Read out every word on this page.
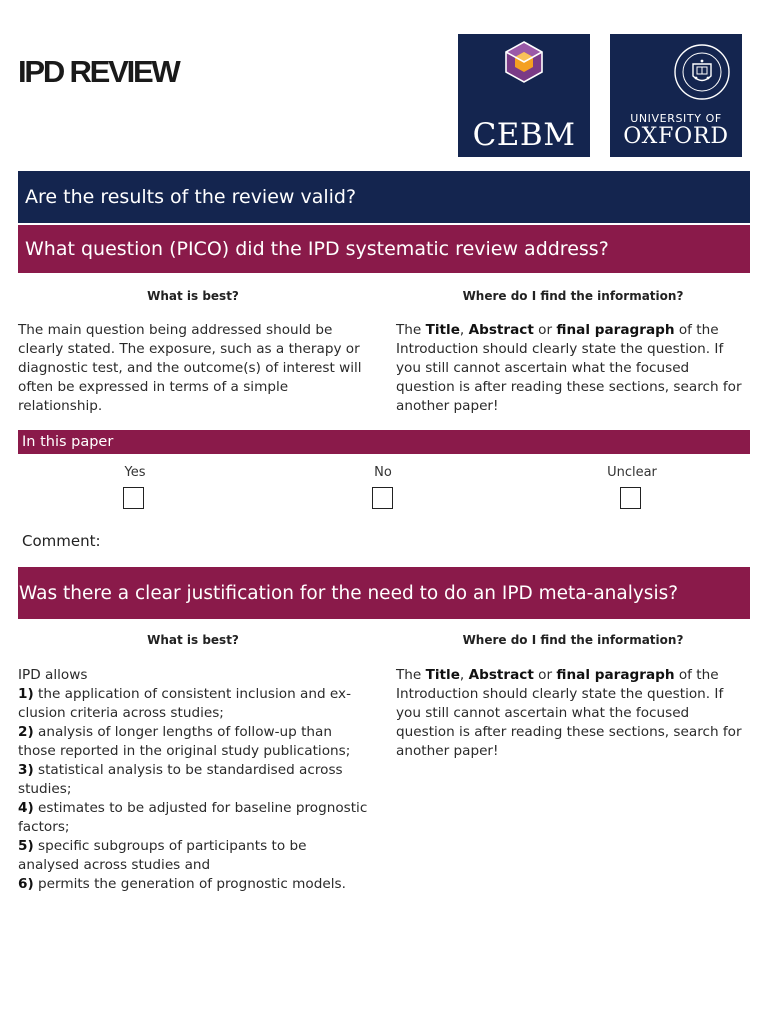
IPD REVIEW
CEBM	UNIVERSITY OF
OXFORD
Are the results of the review valid?
What question (PICO) did the IPD systematic review address?
What is best?	Where do I find the information?
The main question being addressed should be clearly stated. The exposure, such as a therapy or diagnostic test, and the outcome(s) of interest will often be expressed in terms of a simple relationship.
The Title, Abstract or final paragraph of the Introduction should clearly state the question. If you still cannot ascertain what the focused question is after reading these sections, search for another paper!
In this paper
Yes	No	Unclear
Comment:
Was there a clear justification for the need to do an IPD meta-analysis?
What is best?	Where do I find the information?
IPD allows
1) the application of consistent inclusion and ex-
clusion criteria across studies;
2) analysis of longer lengths of follow-up than
those reported in the original study publications;
3) statistical analysis to be standardised across
studies;
4) estimates to be adjusted for baseline prognostic
factors;
5) specific subgroups of participants to be
analysed across studies and
6) permits the generation of prognostic models.
The Title, Abstract or final paragraph of the Introduction should clearly state the question. If you still cannot ascertain what the focused question is after reading these sections, search for another paper!
